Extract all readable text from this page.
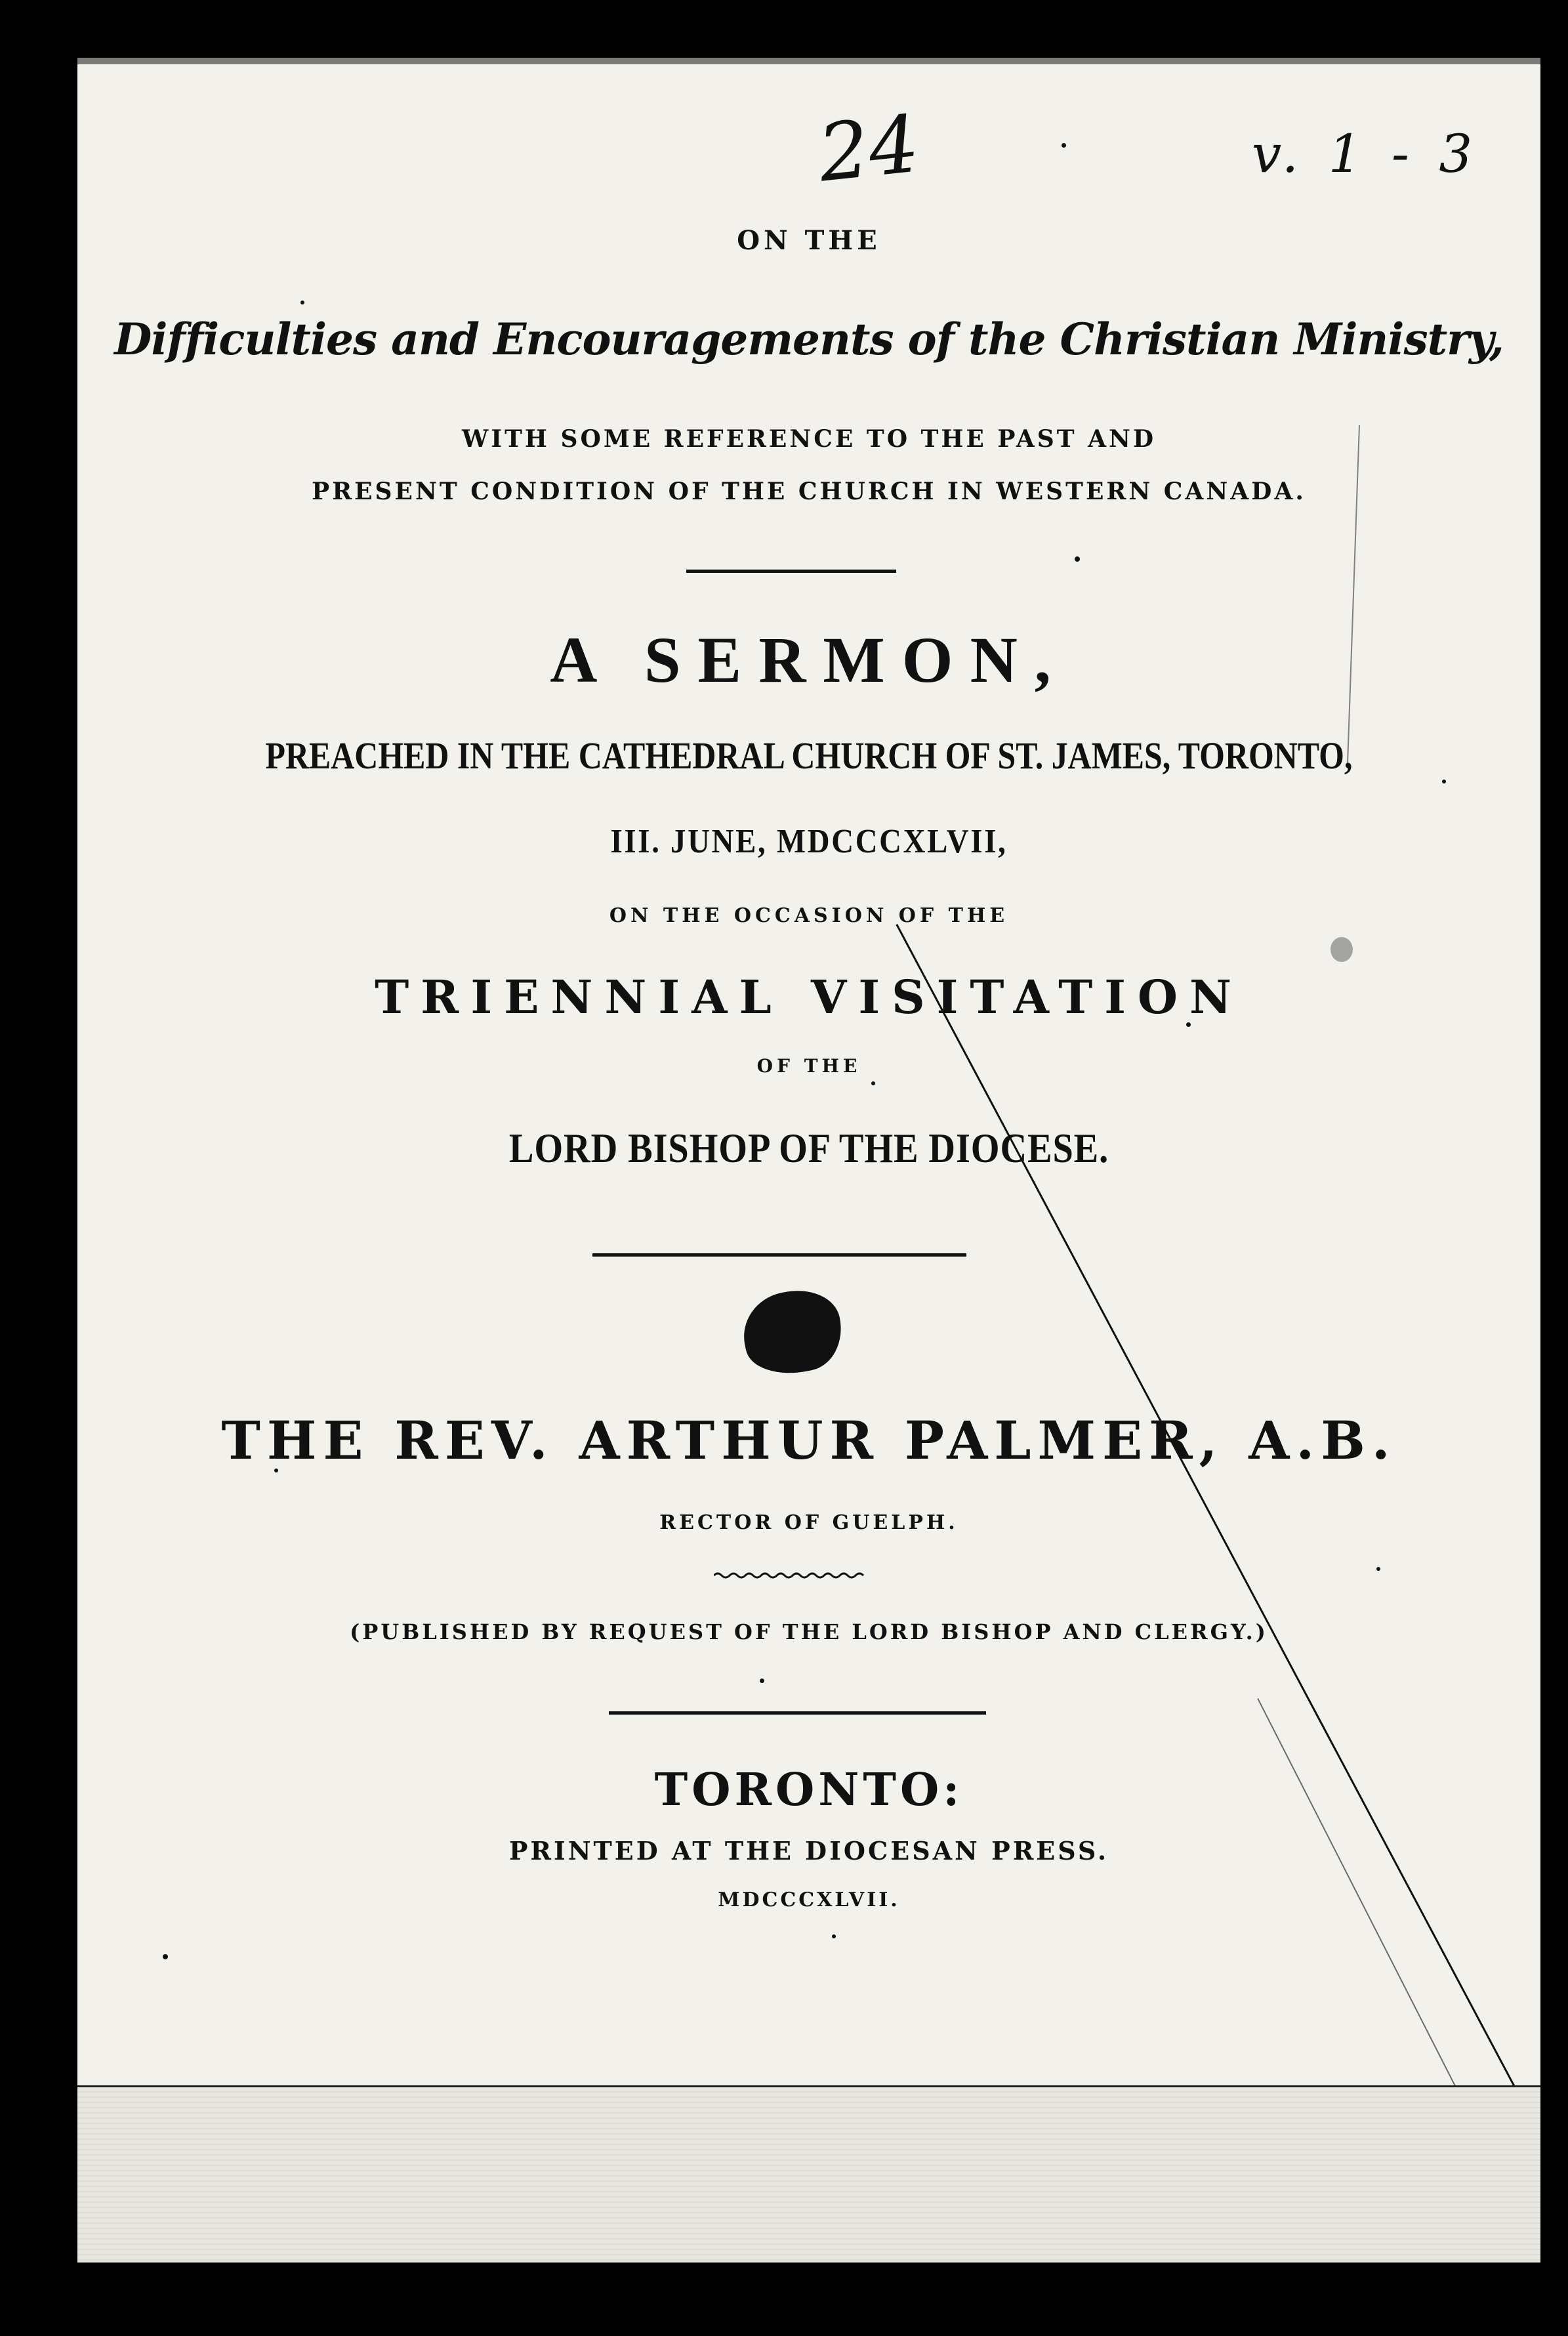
24	v. 1 - 3
ON THE
Difficulties and Encouragements of the Christian Ministry,
WITH SOME REFERENCE TO THE PAST AND
PRESENT CONDITION OF THE CHURCH IN WESTERN CANADA.
A SERMON,
PREACHED IN THE CATHEDRAL CHURCH OF ST. JAMES, TORONTO,
III. JUNE, MDCCCXLVII,
ON THE OCCASION OF THE
TRIENNIAL VISITATION
OF THE
LORD BISHOP OF THE DIOCESE.
THE REV. ARTHUR PALMER, A.B.
RECTOR OF GUELPH.
(PUBLISHED BY REQUEST OF THE LORD BISHOP AND CLERGY.)
TORONTO:
PRINTED AT THE DIOCESAN PRESS.
MDCCCXLVII.
